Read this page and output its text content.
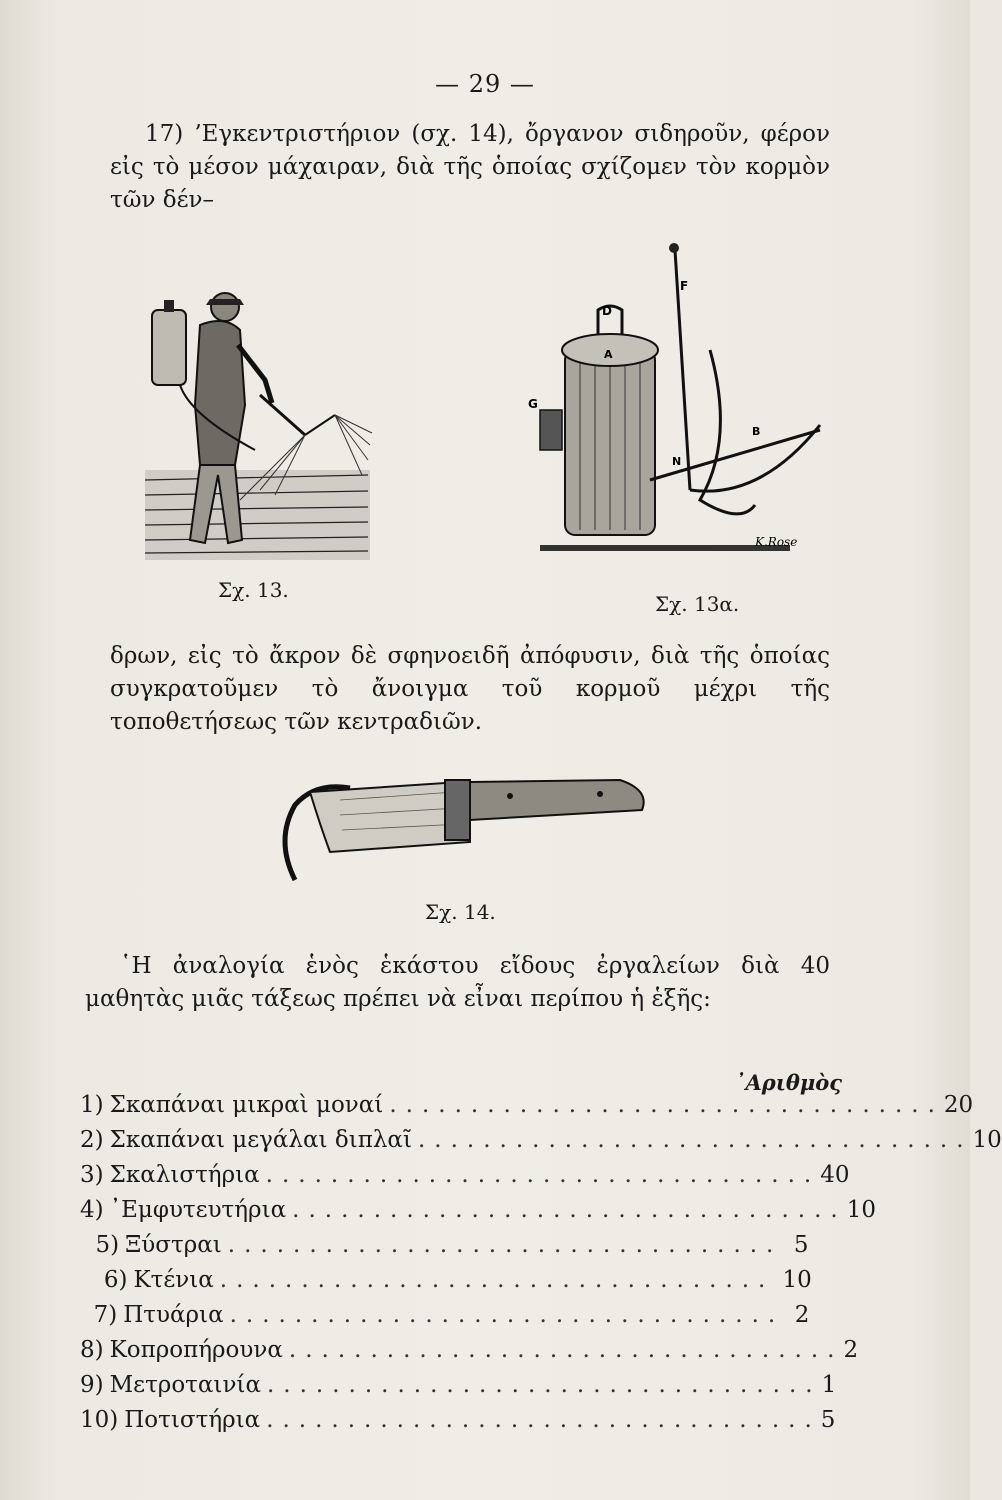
— 29 —
17) ’Εγκεντριστήριον (σχ. 14), ὄργανον σιδηροῦν, φέρον εἰς τὸ μέσον μάχαιραν, διὰ τῆς ὁποίας σχίζομεν τὸν κορμὸν τῶν δέν–
Σχ. 13.
D
F
A
G
N
B
K.Rose
Σχ. 13α.
δρων, εἰς τὸ ἄκρον δὲ σφηνοειδῆ ἀπόφυσιν, διὰ τῆς ὁποίας συγκρατοῦμεν τὸ ἄνοιγμα τοῦ κορμοῦ μέχρι τῆς τοποθετήσεως τῶν κεντραδιῶν.
Σχ. 14.
῾Η ἀναλογία ἑνὸς ἑκάστου εἴδους ἐργαλείων διὰ 40 μαθητὰς μιᾶς τάξεως πρέπει νὰ εἶναι περίπου ἡ ἑξῆς:
᾿Αριθμὸς
1) Σκαπάναι μικραὶ μοναί .................................. 20
2) Σκαπάναι μεγάλαι διπλαῖ .................................. 10
3) Σκαλιστήρια .................................. 40
4) ᾿Εμφυτευτήρια .................................. 10
5) Ξύστραι .................................. 5
6) Κτένια .................................. 10
7) Πτυάρια .................................. 2
8) Κοπροπήρουνα .................................. 2
9) Μετροταινία .................................. 1
10) Ποτιστήρια .................................. 5
